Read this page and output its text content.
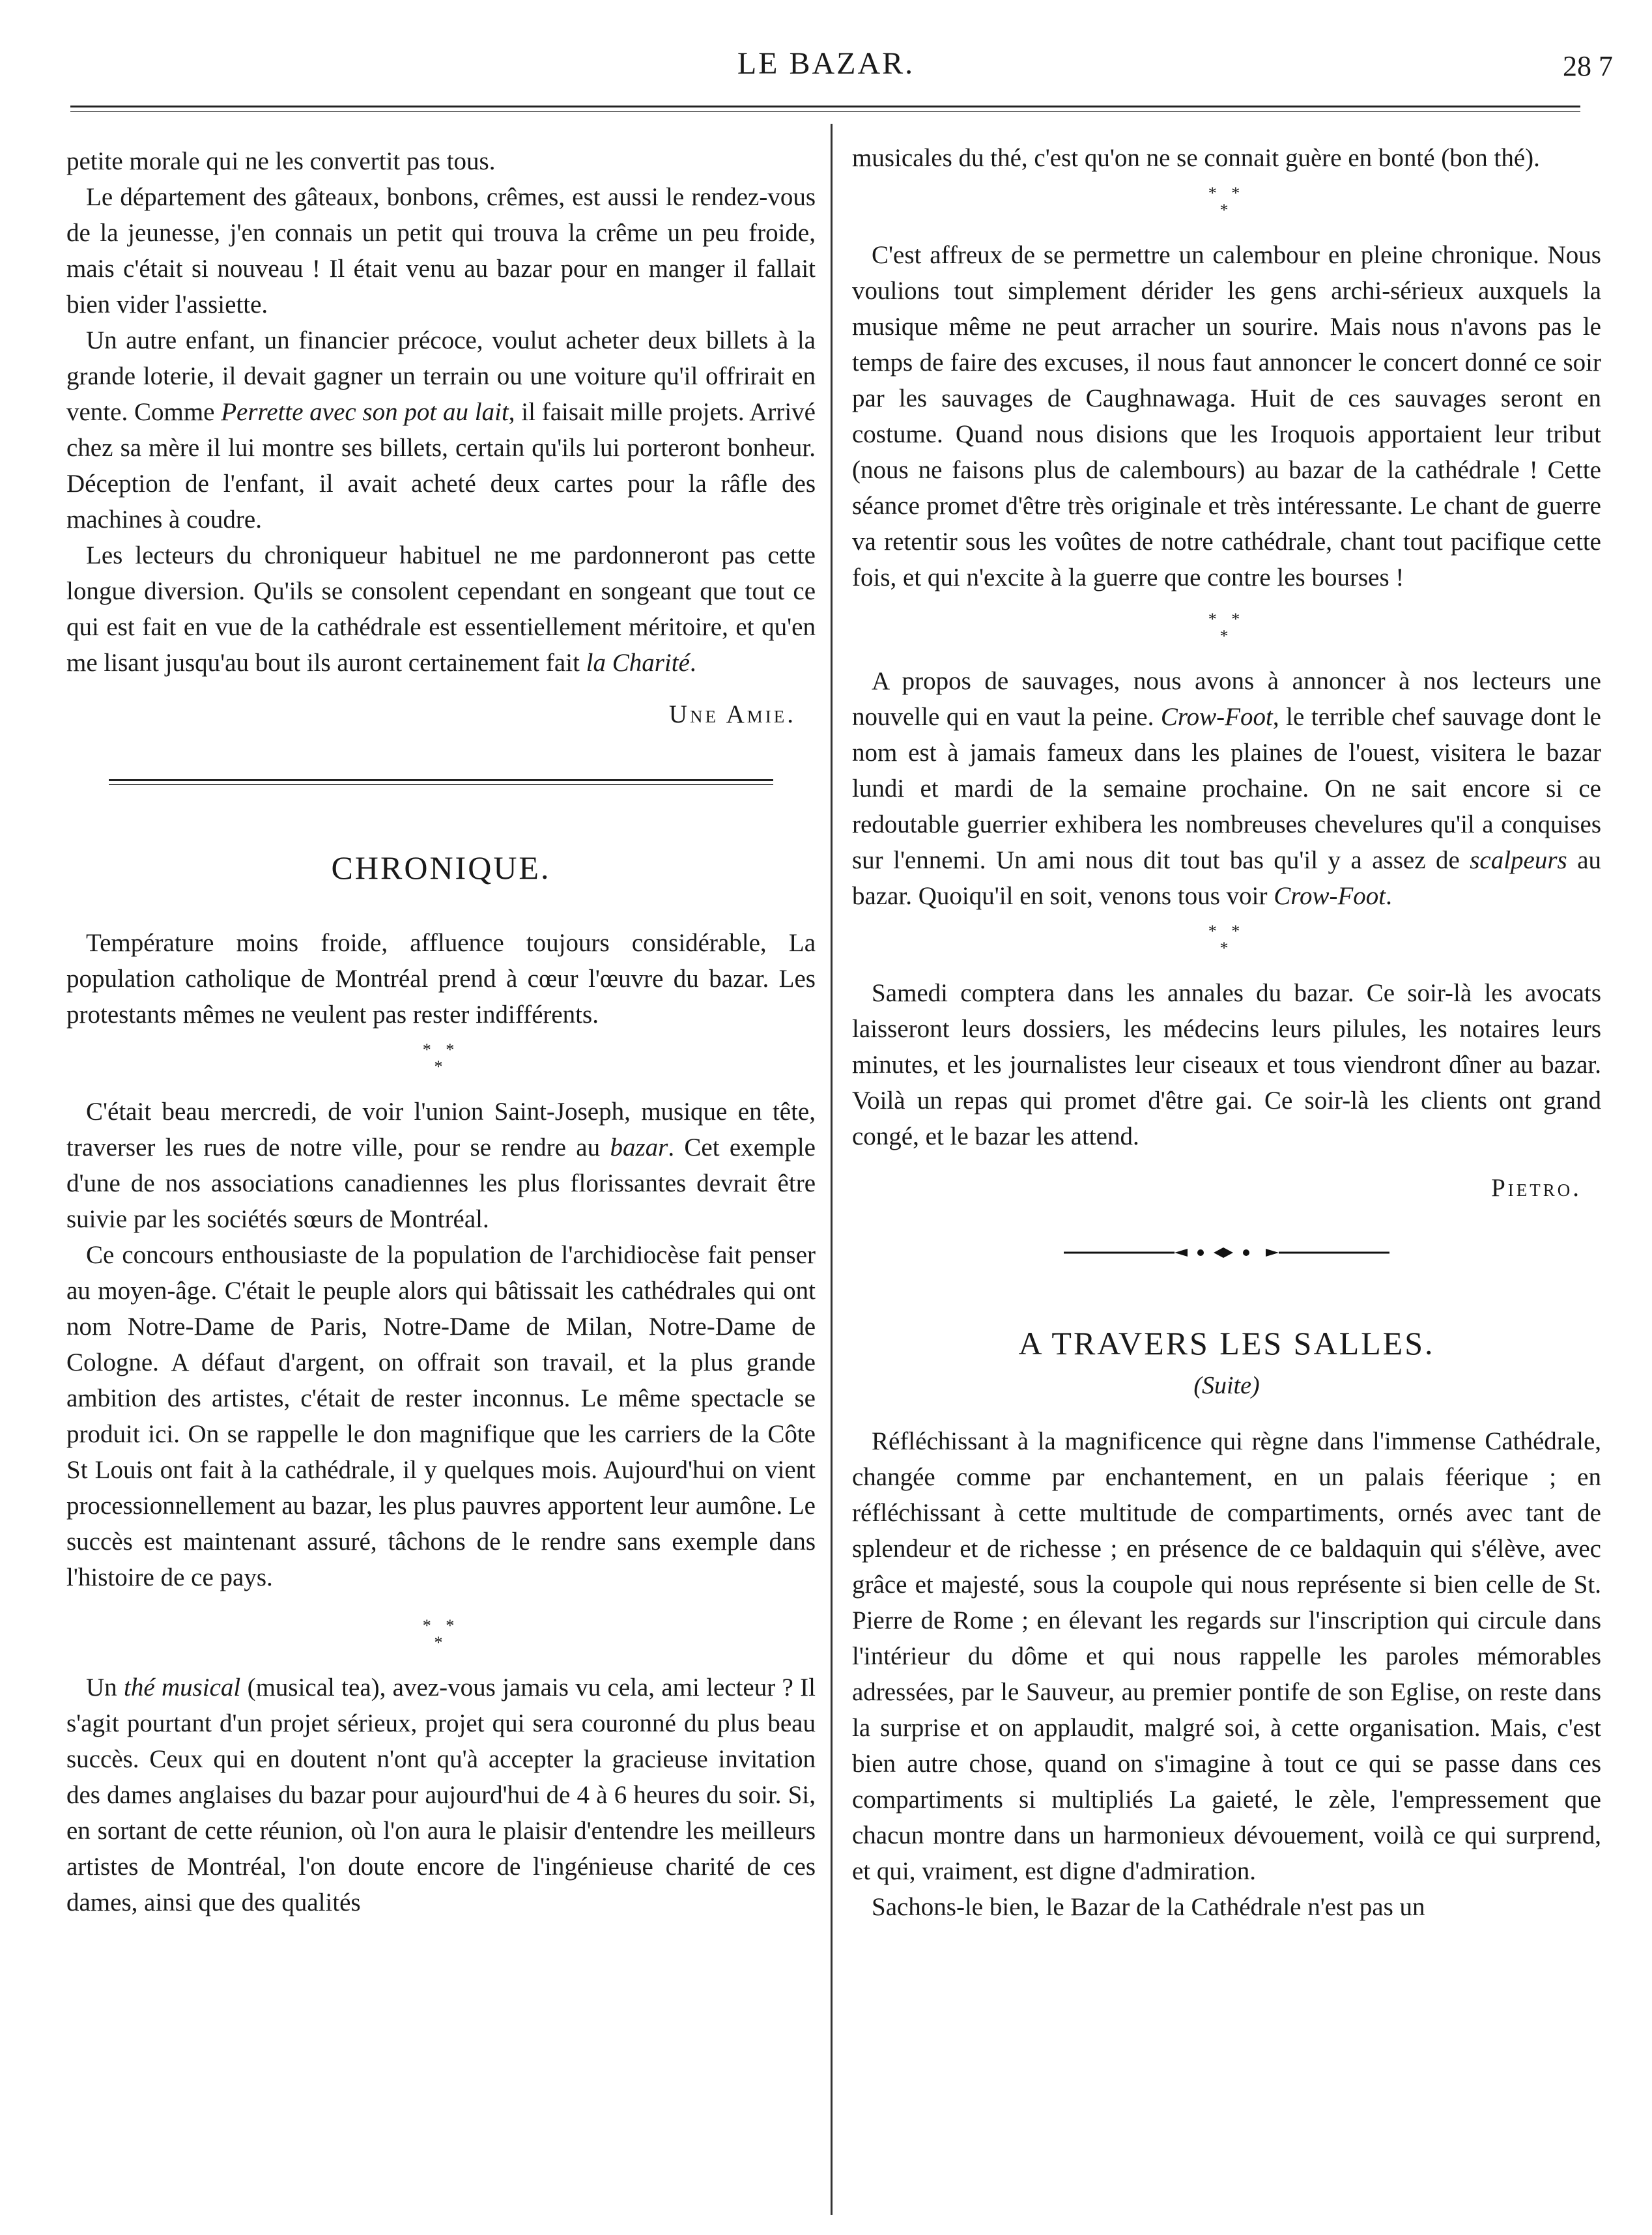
LE BAZAR.	28 7

petite morale qui ne les convertit pas tous.

Le département des gâteaux, bonbons, crêmes, est aussi le rendez-vous de la jeunesse, j'en connais un petit qui trouva la crême un peu froide, mais c'était si nouveau ! Il était venu au bazar pour en manger il fallait bien vider l'assiette.

Un autre enfant, un financier précoce, voulut acheter deux billets à la grande loterie, il devait gagner un terrain ou une voiture qu'il offrirait en vente. Comme Perrette avec son pot au lait, il faisait mille projets. Arrivé chez sa mère il lui montre ses billets, certain qu'ils lui porteront bonheur. Déception de l'enfant, il avait acheté deux cartes pour la râfle des machines à coudre.

Les lecteurs du chroniqueur habituel ne me pardonneront pas cette longue diversion. Qu'ils se consolent cependant en songeant que tout ce qui est fait en vue de la cathédrale est essentiellement méritoire, et qu'en me lisant jusqu'au bout ils auront certainement fait la Charité.

Une Amie.
CHRONIQUE.

Température moins froide, affluence toujours considérable, La population catholique de Montréal prend à cœur l'œuvre du bazar. Les protestants mêmes ne veulent pas rester indifférents.

* *
*

C'était beau mercredi, de voir l'union Saint-Joseph, musique en tête, traverser les rues de notre ville, pour se rendre au bazar. Cet exemple d'une de nos associations canadiennes les plus florissantes devrait être suivie par les sociétés sœurs de Montréal.

Ce concours enthousiaste de la population de l'archidiocèse fait penser au moyen-âge. C'était le peuple alors qui bâtissait les cathédrales qui ont nom Notre-Dame de Paris, Notre-Dame de Milan, Notre-Dame de Cologne. A défaut d'argent, on offrait son travail, et la plus grande ambition des artistes, c'était de rester inconnus. Le même spectacle se produit ici. On se rappelle le don magnifique que les carriers de la Côte St Louis ont fait à la cathédrale, il y quelques mois. Aujourd'hui on vient processionnellement au bazar, les plus pauvres apportent leur aumône. Le succès est maintenant assuré, tâchons de le rendre sans exemple dans l'histoire de ce pays.

* *
*

Un thé musical (musical tea), avez-vous jamais vu cela, ami lecteur ? Il s'agit pourtant d'un projet sérieux, projet qui sera couronné du plus beau succès. Ceux qui en doutent n'ont qu'à accepter la gracieuse invitation des dames anglaises du bazar pour aujourd'hui de 4 à 6 heures du soir. Si, en sortant de cette réunion, où l'on aura le plaisir d'entendre les meilleurs artistes de Montréal, l'on doute encore de l'ingénieuse charité de ces dames, ainsi que des qualités

musicales du thé, c'est qu'on ne se connait guère en bonté (bon thé).

* *
*

C'est affreux de se permettre un calembour en pleine chronique. Nous voulions tout simplement dérider les gens archi-sérieux auxquels la musique même ne peut arracher un sourire. Mais nous n'avons pas le temps de faire des excuses, il nous faut annoncer le concert donné ce soir par les sauvages de Caughnawaga. Huit de ces sauvages seront en costume. Quand nous disions que les Iroquois apportaient leur tribut (nous ne faisons plus de calembours) au bazar de la cathédrale ! Cette séance promet d'être très originale et très intéressante. Le chant de guerre va retentir sous les voûtes de notre cathédrale, chant tout pacifique cette fois, et qui n'excite à la guerre que contre les bourses !

* *
*

A propos de sauvages, nous avons à annoncer à nos lecteurs une nouvelle qui en vaut la peine. Crow-Foot, le terrible chef sauvage dont le nom est à jamais fameux dans les plaines de l'ouest, visitera le bazar lundi et mardi de la semaine prochaine. On ne sait encore si ce redoutable guerrier exhibera les nombreuses chevelures qu'il a conquises sur l'ennemi. Un ami nous dit tout bas qu'il y a assez de scalpeurs au bazar. Quoiqu'il en soit, venons tous voir Crow-Foot.

* *
*

Samedi comptera dans les annales du bazar. Ce soir-là les avocats laisseront leurs dossiers, les médecins leurs pilules, les notaires leurs minutes, et les journalistes leur ciseaux et tous viendront dîner au bazar. Voilà un repas qui promet d'être gai. Ce soir-là les clients ont grand congé, et le bazar les attend.

Pietro.
A TRAVERS LES SALLES.
(Suite)

Réfléchissant à la magnificence qui règne dans l'immense Cathédrale, changée comme par enchantement, en un palais féerique ; en réfléchissant à cette multitude de compartiments, ornés avec tant de splendeur et de richesse ; en présence de ce baldaquin qui s'élève, avec grâce et majesté, sous la coupole qui nous représente si bien celle de St. Pierre de Rome ; en élevant les regards sur l'inscription qui circule dans l'intérieur du dôme et qui nous rappelle les paroles mémorables adressées, par le Sauveur, au premier pontife de son Eglise, on reste dans la surprise et on applaudit, malgré soi, à cette organisation. Mais, c'est bien autre chose, quand on s'imagine à tout ce qui se passe dans ces compartiments si multipliés La gaieté, le zèle, l'empressement que chacun montre dans un harmonieux dévouement, voilà ce qui surprend, et qui, vraiment, est digne d'admiration.

Sachons-le bien, le Bazar de la Cathédrale n'est pas un
